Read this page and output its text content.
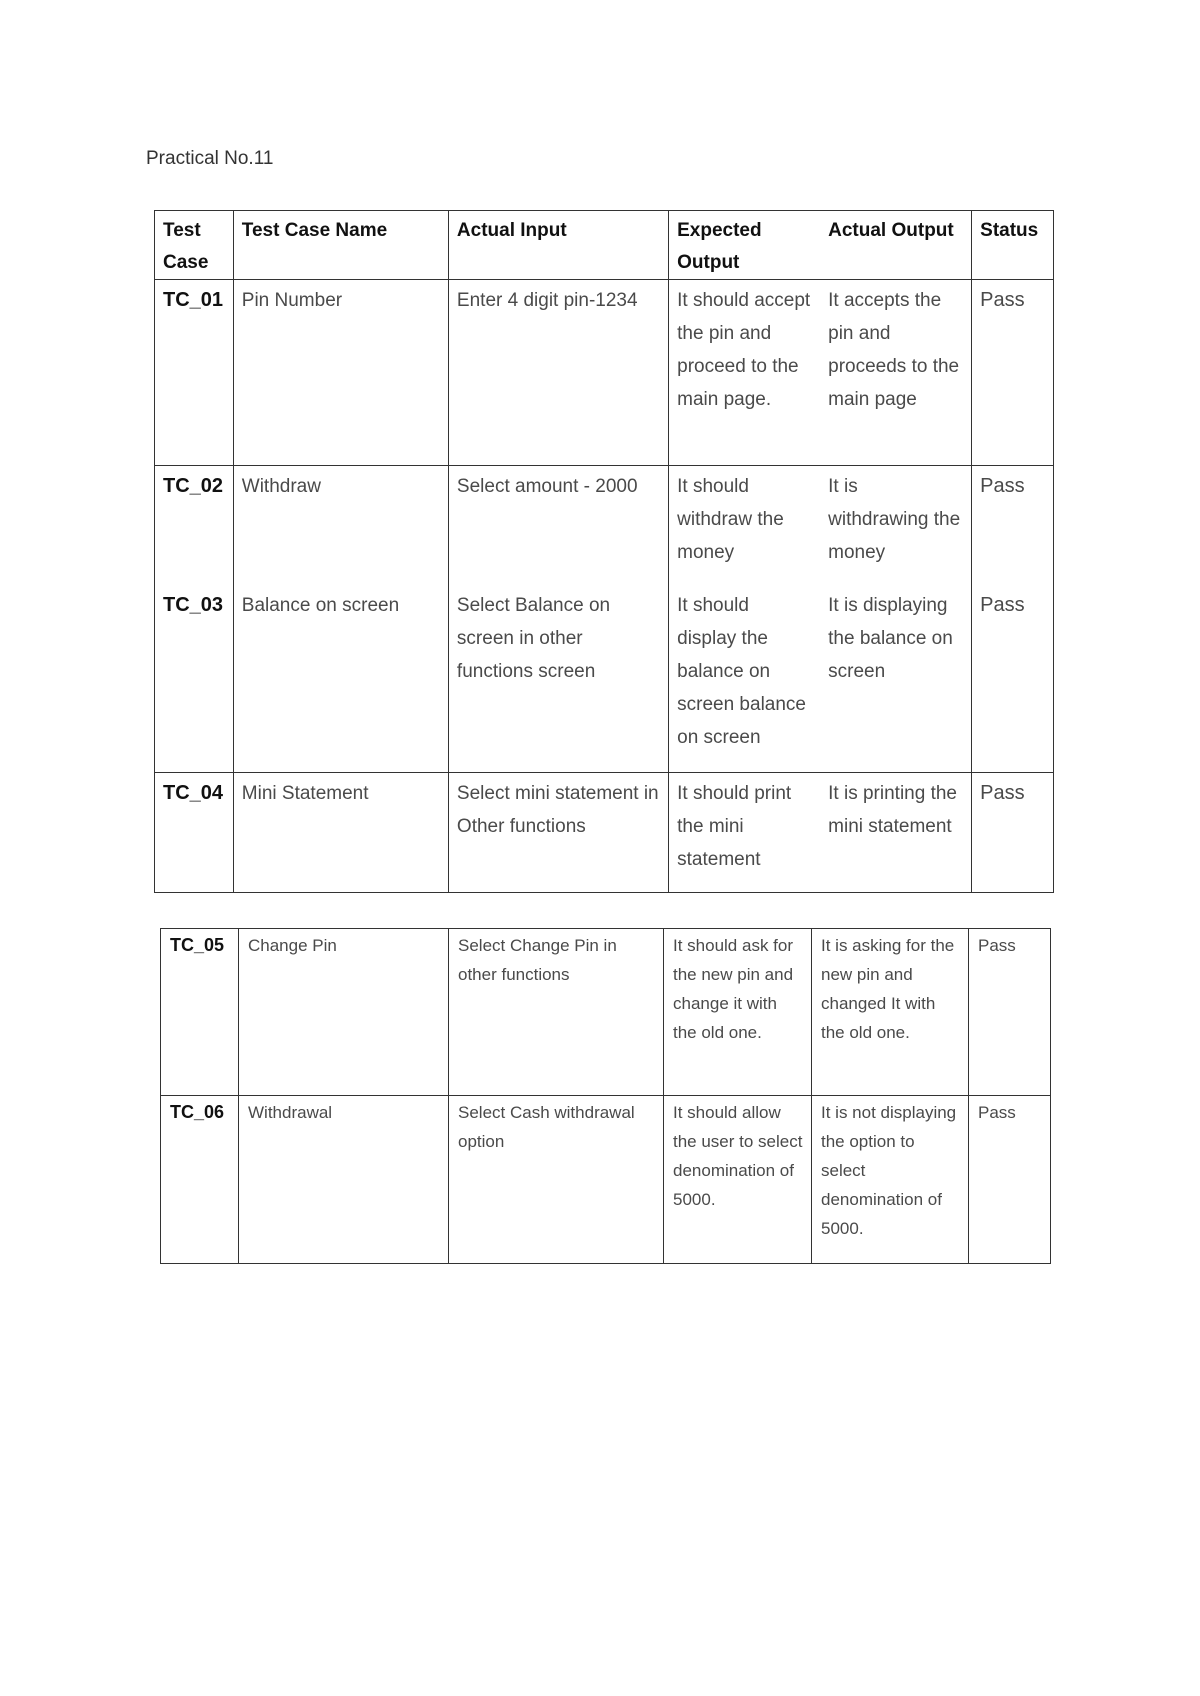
Practical No.11
Test Case	Test Case Name	Actual Input	Expected Output	Actual Output	Status
TC_01	Pin Number	Enter 4 digit pin-1234	It should accept the pin and proceed to the main page.	It accepts the pin and proceeds to the main page	Pass
TC_02	Withdraw	Select amount - 2000	It should withdraw the money	It is withdrawing the money	Pass
TC_03	Balance on screen	Select Balance on screen in other functions screen	It should display the balance on screen balance on screen	It is displaying the balance on screen	Pass
TC_04	Mini Statement	Select mini statement in Other functions	It should print the mini statement	It is printing the mini statement	Pass
TC_05	Change Pin	Select Change Pin in other functions	It should ask for the new pin and change it with the old one.	It is asking for the new pin and changed It with the old one.	Pass
TC_06	Withdrawal	Select Cash withdrawal option	It should allow the user to select denomination of 5000.	It is not displaying the option to select denomination of 5000.	Pass
